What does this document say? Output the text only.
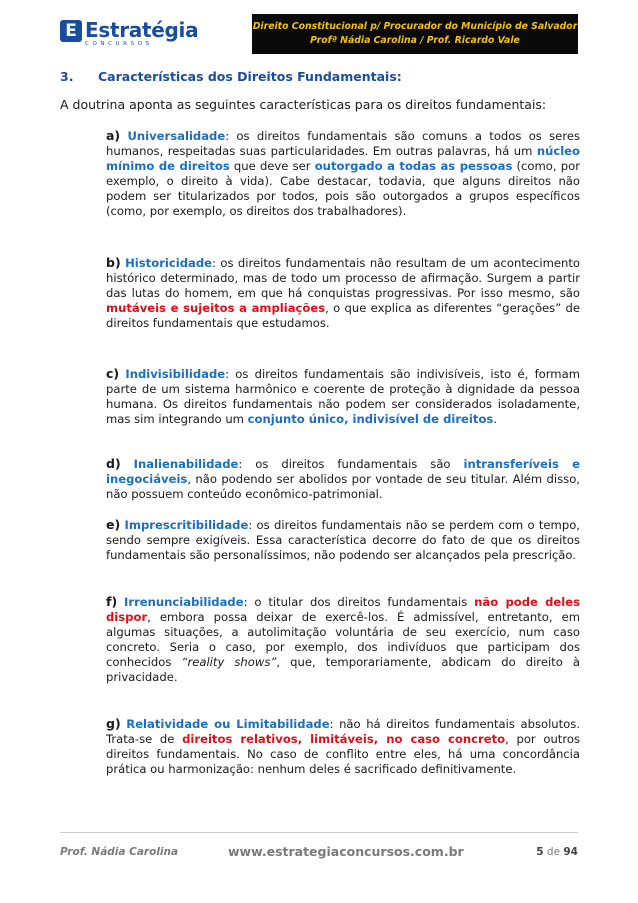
E Estratégia
CONCURSOS
Direito Constitucional p/ Procurador do Município de Salvador
Profª Nádia Carolina / Prof. Ricardo Vale
3. Características dos Direitos Fundamentais:
A doutrina aponta as seguintes características para os direitos fundamentais:
a) Universalidade: os direitos fundamentais são comuns a todos os seres humanos, respeitadas suas particularidades. Em outras palavras, há um núcleo mínimo de direitos que deve ser outorgado a todas as pessoas (como, por exemplo, o direito à vida). Cabe destacar, todavia, que alguns direitos não podem ser titularizados por todos, pois são outorgados a grupos específicos (como, por exemplo, os direitos dos trabalhadores).
b) Historicidade: os direitos fundamentais não resultam de um acontecimento histórico determinado, mas de todo um processo de afirmação. Surgem a partir das lutas do homem, em que há conquistas progressivas. Por isso mesmo, são mutáveis e sujeitos a ampliações, o que explica as diferentes “gerações” de direitos fundamentais que estudamos.
c) Indivisibilidade: os direitos fundamentais são indivisíveis, isto é, formam parte de um sistema harmônico e coerente de proteção à dignidade da pessoa humana. Os direitos fundamentais não podem ser considerados isoladamente, mas sim integrando um conjunto único, indivisível de direitos.
d) Inalienabilidade: os direitos fundamentais são intransferíveis e inegociáveis, não podendo ser abolidos por vontade de seu titular. Além disso, não possuem conteúdo econômico-patrimonial.
e) Imprescritibilidade: os direitos fundamentais não se perdem com o tempo, sendo sempre exigíveis. Essa característica decorre do fato de que os direitos fundamentais são personalíssimos, não podendo ser alcançados pela prescrição.
f) Irrenunciabilidade: o titular dos direitos fundamentais não pode deles dispor, embora possa deixar de exercê-los. É admissível, entretanto, em algumas situações, a autolimitação voluntária de seu exercício, num caso concreto. Seria o caso, por exemplo, dos indivíduos que participam dos conhecidos “reality shows”, que, temporariamente, abdicam do direito à privacidade.
g) Relatividade ou Limitabilidade: não há direitos fundamentais absolutos. Trata-se de direitos relativos, limitáveis, no caso concreto, por outros direitos fundamentais. No caso de conflito entre eles, há uma concordância prática ou harmonização: nenhum deles é sacrificado definitivamente.
Prof. Nádia Carolina	www.estrategiaconcursos.com.br	5 de 94
